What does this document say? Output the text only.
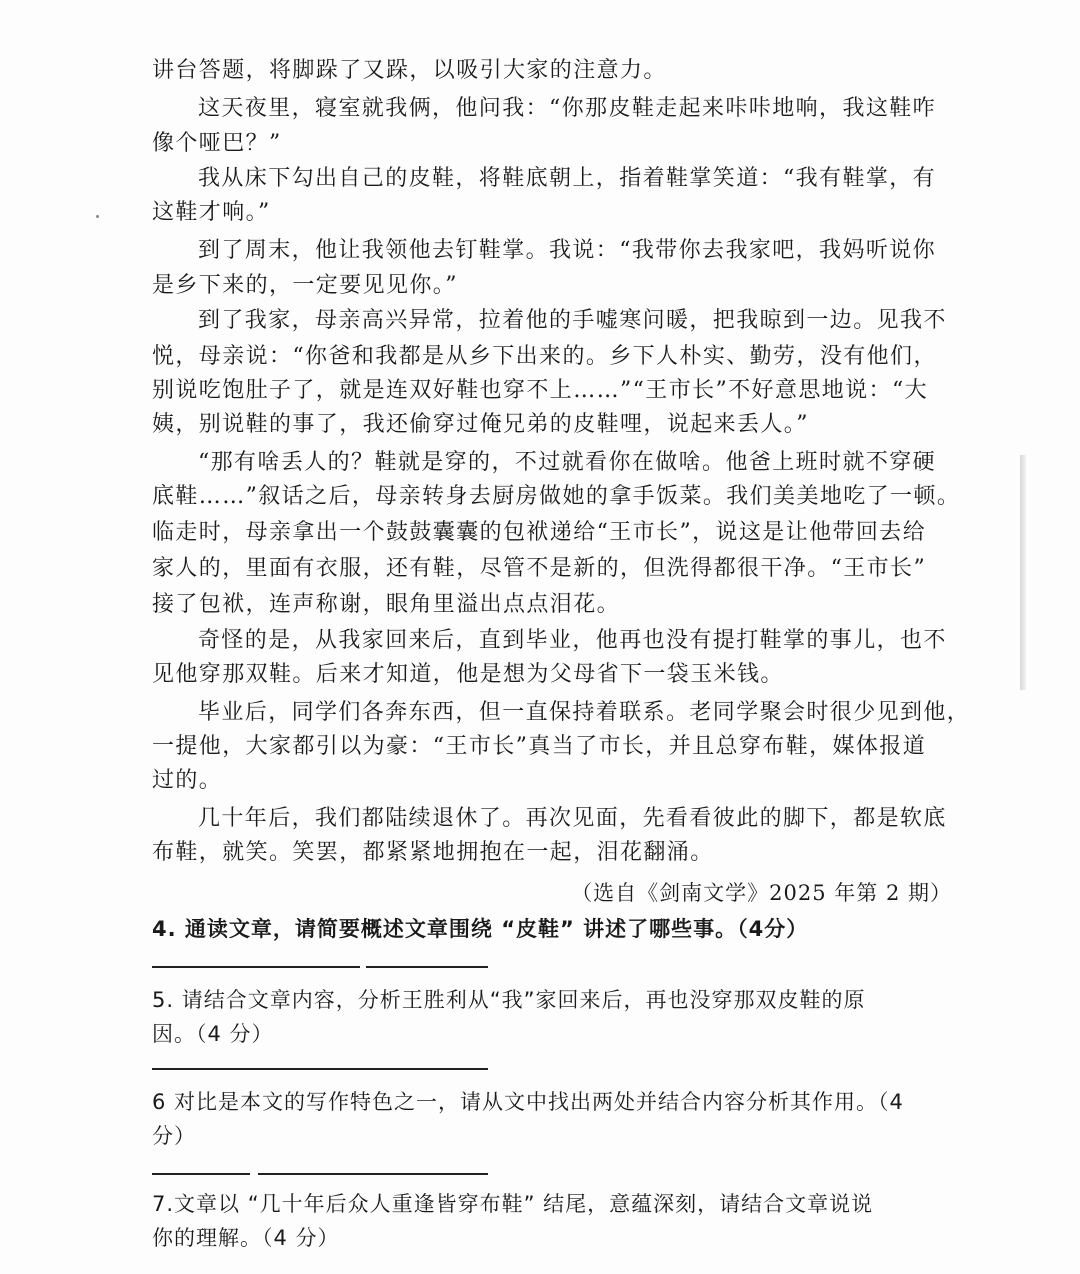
讲台答题，将脚跺了又跺，以吸引大家的注意力。
这天夜里，寝室就我俩，他问我：“你那皮鞋走起来咔咔地响，我这鞋咋
像个哑巴？”
我从床下勾出自己的皮鞋，将鞋底朝上，指着鞋掌笑道：“我有鞋掌，有
这鞋才响。”
到了周末，他让我领他去钉鞋掌。我说：“我带你去我家吧，我妈听说你
是乡下来的，一定要见见你。”
到了我家，母亲高兴异常，拉着他的手嘘寒问暖，把我晾到一边。见我不
悦，母亲说：“你爸和我都是从乡下出来的。乡下人朴实、勤劳，没有他们，
别说吃饱肚子了，就是连双好鞋也穿不上……”“王市长”不好意思地说：“大
姨，别说鞋的事了，我还偷穿过俺兄弟的皮鞋哩，说起来丢人。”
“那有啥丢人的？鞋就是穿的，不过就看你在做啥。他爸上班时就不穿硬
底鞋……”叙话之后，母亲转身去厨房做她的拿手饭菜。我们美美地吃了一顿。
临走时，母亲拿出一个鼓鼓囊囊的包袱递给“王市长”，说这是让他带回去给
家人的，里面有衣服，还有鞋，尽管不是新的，但洗得都很干净。“王市长”
接了包袱，连声称谢，眼角里溢出点点泪花。
奇怪的是，从我家回来后，直到毕业，他再也没有提打鞋掌的事儿，也不
见他穿那双鞋。后来才知道，他是想为父母省下一袋玉米钱。
毕业后，同学们各奔东西，但一直保持着联系。老同学聚会时很少见到他，
一提他，大家都引以为豪：“王市长”真当了市长，并且总穿布鞋，媒体报道
过的。
几十年后，我们都陆续退休了。再次见面，先看看彼此的脚下，都是软底
布鞋，就笑。笑罢，都紧紧地拥抱在一起，泪花翻涌。
（选自《剑南文学》2025 年第 2 期）
4. 通读文章，请简要概述文章围绕 “皮鞋” 讲述了哪些事。（4分）
5. 请结合文章内容，分析王胜利从“我”家回来后，再也没穿那双皮鞋的原
因。（4 分）
6 对比是本文的写作特色之一，请从文中找出两处并结合内容分析其作用。（4
分）
7.文章以 “几十年后众人重逢皆穿布鞋” 结尾，意蕴深刻，请结合文章说说
你的理解。（4 分）
